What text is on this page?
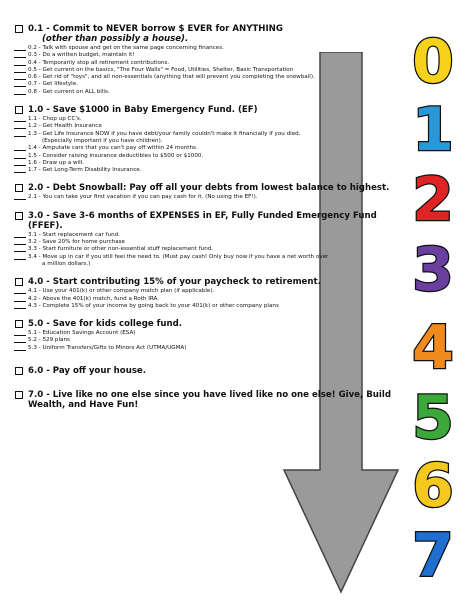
0.1 - Commit to NEVER borrow $ EVER for ANYTHING
(other than possibly a house).
0.2 - Talk with spouse and get on the same page concerning finances.
0.3 - Do a written budget, maintain it!
0.4 - Temporarily stop all retirement contributions.
0.5 - Get current on the basics, "The Four Walls" = Food, Utilities, Shelter, Basic Transportation
0.6 - Get rid of "toys", and all non-essentials (anything that will prevent you completing the snowball).
0.7 - Get lifestyle.
0.8 - Get current on ALL bills.
1.0 - Save $1000 in Baby Emergency Fund. (EF)
1.1 - Chop up CC's.
1.2 - Get Health Insurance
1.3 - Get Life Insurance NOW if you have debt/your family couldn't make it financially if you died.
(Especially important if you have children).
1.4 - Amputate cars that you can't pay off within 24 months.
1.5 - Consider raising insurance deductibles to $500 or $1000.
1.6 - Draw up a will.
1.7 - Get Long-Term Disability Insurance.
2.0 - Debt Snowball: Pay off all your debts from lowest balance to highest.
2.1 - You can take your first vacation if you can pay cash for it. (No using the EF!).
3.0 - Save 3-6 months of EXPENSES in EF, Fully Funded Emergency Fund (FFEF).
3.1 - Start replacement car fund.
3.2 - Save 20% for home purchase
3.3 - Start furniture or other non-essential stuff replacement fund.
3.4 - Move up in car if you still feel the need to. (Must pay cash! Only buy now if you have a net worth over
a million dollars.)
4.0 - Start contributing 15% of your paycheck to retirement.
4.1 - Use your 401(k) or other company match plan (if applicable).
4.2 - Above the 401(k) match, fund a Roth IRA.
4.3 - Complete 15% of your income by going back to your 401(k) or other company plans
5.0 - Save for kids college fund.
5.1 - Education Savings Account (ESA)
5.2 - 529 plans
5.3 - Uniform Transfers/Gifts to Minors Act (UTMA/UGMA)
6.0 - Pay off your house.
7.0 - Live like no one else since you have lived like no one else! Give, Build Wealth, and Have Fun!
0
1
2
3
4
5
6
7
